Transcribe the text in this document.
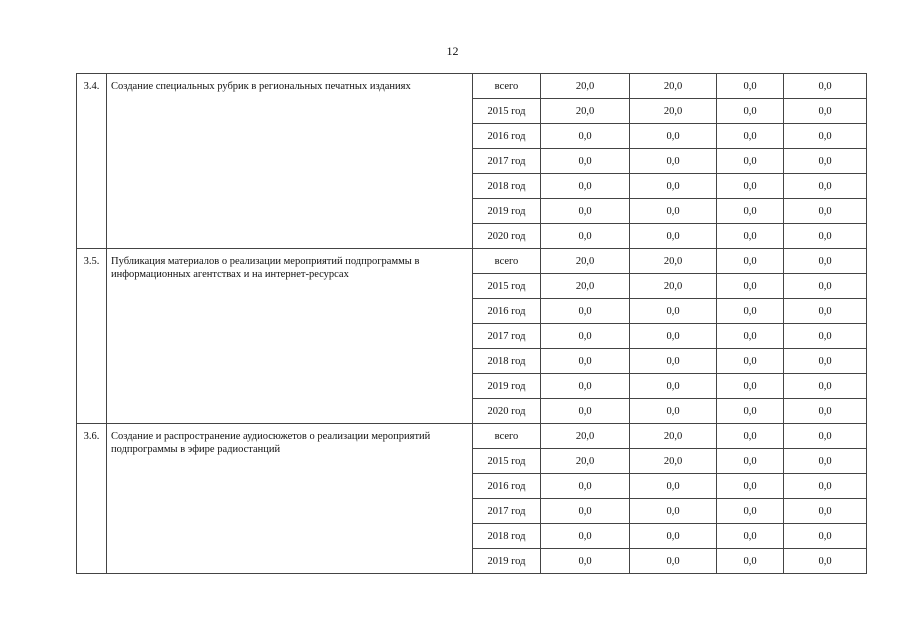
12
3.4.	Создание специальных рубрик в региональных печатных изданиях	всего	20,0	20,0	0,0	0,0
		2015 год	20,0	20,0	0,0	0,0
		2016 год	0,0	0,0	0,0	0,0
		2017 год	0,0	0,0	0,0	0,0
		2018 год	0,0	0,0	0,0	0,0
		2019 год	0,0	0,0	0,0	0,0
		2020 год	0,0	0,0	0,0	0,0
3.5.	Публикация материалов о реализации мероприятий подпрограммы в информационных агентствах и на интернет-ресурсах	всего	20,0	20,0	0,0	0,0
		2015 год	20,0	20,0	0,0	0,0
		2016 год	0,0	0,0	0,0	0,0
		2017 год	0,0	0,0	0,0	0,0
		2018 год	0,0	0,0	0,0	0,0
		2019 год	0,0	0,0	0,0	0,0
		2020 год	0,0	0,0	0,0	0,0
3.6.	Создание и распространение аудиосюжетов о реализации мероприятий подпрограммы в эфире радиостанций	всего	20,0	20,0	0,0	0,0
		2015 год	20,0	20,0	0,0	0,0
		2016 год	0,0	0,0	0,0	0,0
		2017 год	0,0	0,0	0,0	0,0
		2018 год	0,0	0,0	0,0	0,0
		2019 год	0,0	0,0	0,0	0,0
